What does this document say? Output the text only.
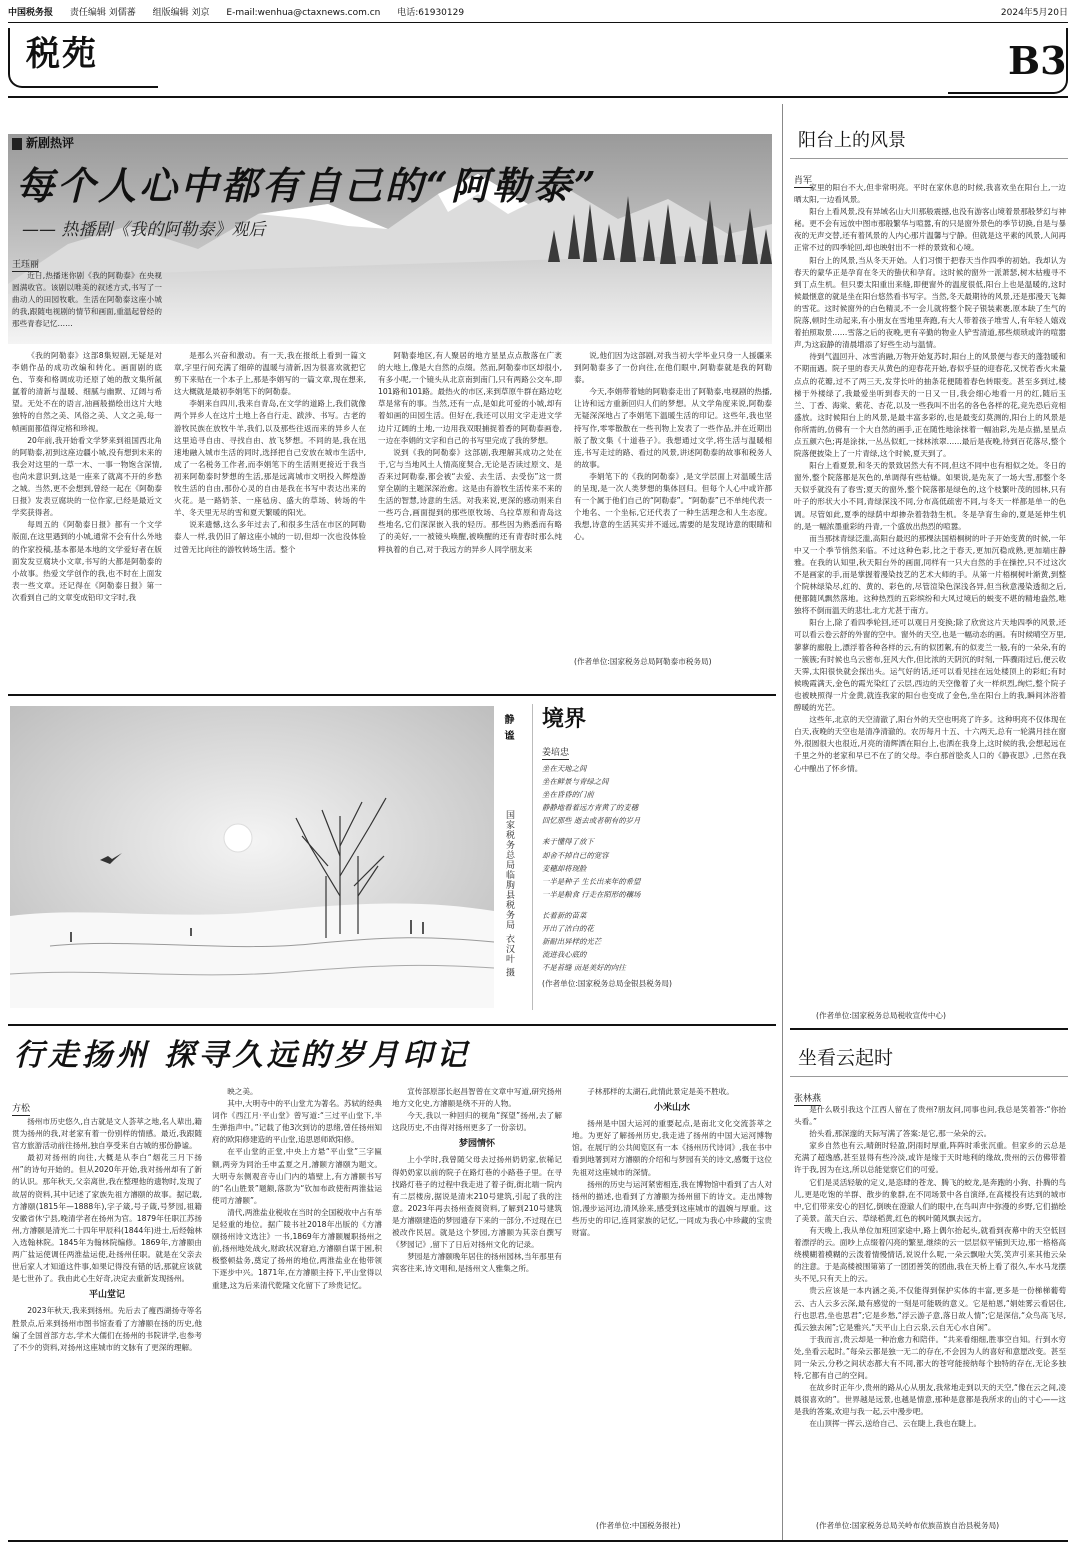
中国税务报 责任编辑 刘儒蕃 组版编辑 刘京 E-mail:wenhua@ctaxnews.com.cn 电话:61930129	2024年5月20日
税苑	B3
新剧热评
每个人心中都有自己的“阿勒泰”
—— 热播剧《我的阿勒泰》观后
王珏丽

近日,热播迷你剧《我的阿勒泰》在央视圆满收官。该剧以唯美的叙述方式,书写了一曲动人的田园牧歌。生活在阿勒泰这座小城的我,跟随电视剧的情节和画面,重温起曾经的那些青春记忆……

《我的阿勒泰》这部8集短剧,无疑是对李娟作品的成功改编和转化。画面剧的底色、节奏和格调成功还原了她的散文集所氤氲着的清新与温暖、细腻与幽默、辽阔与希望。无处不在的语言,油画般描绘出这片大地独特的自然之美、风俗之美、人文之美,每一帧画面都值得定格和珍视。

20年前,我开始看文学梦来到祖国西北角的阿勒泰,初到这座边疆小城,没有想到未来的我会对这里的一草一木、一事一物饱含深情,也尚未意识到,这是一座来了就离不开的乡愁之城。当然,更不会想到,曾经一起在《阿勒泰日报》发表豆腐块的一位作家,已经是最近文学奖获得者。

每周五的《阿勒泰日报》都有一个文学版面,在这里遇到的小城,通常不会有什么外地的作家投稿,基本都是本地的文学爱好者在版面发发豆腐块小文章,书写的大都是阿勒泰的小故事。热爱文学创作的我,也不时在上面发表一些文章。还记得在《阿勒泰日报》第一次看到自己的文章变成铅印文字时,我

是那么兴奋和激动。有一天,我在报纸上看到一篇文章,字里行间充满了细碎的温暖与清新,因为很喜欢就把它剪下来贴在一个本子上,那是李娟写的一篇文章,现在想来,这大概就是最初李娟笔下的阿勒泰。

李娟来自四川,我来自青岛,在文学的道路上,我们就像两个异乡人在这片土地上各自行走、跋涉、书写。古老的游牧民族在放牧牛羊,我们,以及那些往返而来的异乡人在这里追寻自由、寻找自由、放飞梦想。不同的是,我在迅速地融入城市生活的同时,选择把自己安放在城市生活中,成了一名税务工作者,而李娟笔下的生活则更接近于我当初来阿勒泰时梦想的生活,那是远离城市文明投入辉煌游牧生活的自由,那份心灵的自由是我在书写中表达出来的火花。是一路奶茶、一座毡房、盛大的草场、转场的牛羊、冬天里无尽的雪和夏天繁暖的阳光。

说来遗憾,这么多年过去了,和很多生活在市区的阿勒泰人一样,我仍旧了解这座小城的一切,但却一次也没体验过曾无比向往的游牧转场生活。整个

阿勒泰地区,有人聚居的地方星星点点散落在广袤的大地上,像是大自然的点缀。然而,阿勒泰市区却很小,有多小呢,一个镜头从北京南到南门,只有两路公交车,即101路和101路。最热火的市区,来到草原牛群在路边吃草是常有的事。当然,还有一点,是如此可爱的小城,却有着如画的田园生活。但好在,我还可以用文字走进文学边片辽阔的土地,一边用我双眼捕捉着香的阿勒泰画卷,一边在李娟的文字和自己的书写里完成了我的梦想。

说到《我的阿勒泰》这部剧,我理解其成功之处在于,它与当地风土人情高度契合,无论是否读过原文、是否来过阿勒泰,都会被“去爱、去生活、去受伤”这一贯穿全剧的主题深深治愈。这是由有游牧生活传来不来的生活的智慧,诗意的生活。对我来说,更深的感动则来自一些巧合,画面提到的那些原牧场、乌拉草原和青岛这些地名,它们深深嵌入我的轻历。那些因为熟悉而有略了的美好,一一被镜头唤醒,被唤醒的还有青春时那么纯粹执着的自己,对于我远方的异乡人同学朋友来

说,他们因为这部剧,对我当初大学毕业只身一人援疆来到阿勒泰多了一份向往,在他们眼中,阿勒泰就是我的阿勒泰。

今天,李娟带着她的阿勒泰走出了阿勒泰,电视剧的热播,让诗和远方重新回归人们的梦想。从文学角度来说,阿勒泰无疑深深地占了李娟笔下温暖生活的印记。这些年,我也坚持写作,零零散散在一些刊物上发表了一些作品,并在近期出版了散文集《十道巷子》。我想通过文学,将生活与温暖相连,书写走过的路、看过的风景,讲述阿勒泰的故事和税务人的故事。

李娟笔下的《我的阿勒泰》,是文学层面上对温暖生活的呈现,是一次人类梦想的集体回归。但每个人心中或许都有一个属于他们自己的“阿勒泰”。“阿勒泰”已不单纯代表一个地名、一个坐标,它还代表了一种生活理念和人生态度。我想,诗意的生活其实并不遥远,需要的是发现诗意的眼睛和心。

(作者单位:国家税务总局阿勒泰市税务局)
静谧
国家税务总局临朐县税务局 衣汉叶 摄
境界
姜培忠
坐在天地之间
坐在鲜景与青绿之间
坐在昏昏的门前
静静地看着远方青黄了的麦穗
回忆那些 逝去或者朝有的岁月
来于懂得了放下
却舍不掉自已的宽容
麦穗却将现脸
一半是种子 生长出来年的希望
一半是粮食 行走在陌形的穰场
长着新的苗菜
开出了洁白的花
新耐出异样的光芒
流进我心底的
不是苔缝 而是美好的向往
(作者单位:国家税务总局金银县税务局)
行走扬州 探寻久远的岁月印记
方松

扬州市历史悠久,自古就是文人荟萃之地,名人辈出,籍贯为扬州的我,对老家有着一份别样的情感。最近,我跟随官方旅游活动前往扬州,独自享受来自古城的那份静谧。

最初对扬州的向往,大概是从李白“烟花三月下扬州”的诗句开始的。但从2020年开始,我对扬州却有了新的认识。那年秋天,父亲离世,我在整理他的遗物时,发现了故居的资料,其中记述了家族先祖方濬颐的故事。据记载,方濬颐(1815年—1888年),字子箴,号子箴,号梦园,祖籍安徽省休宁县,晚清学者在扬州为官。1879年任职江苏扬州,方濬颐是清光二十四年甲辰科(1844年)进士,后经翰林入选翰林院。1845年为翰林院编修。1869年,方濬颐由两广盐运使调任两淮盐运使,赴扬州任职。就是在父亲去世后家人才知道这件事,如果记得没有错的话,那就应该就是七世孙了。我由此心生好奇,决定去重新发现扬州。

平山堂记

2023年秋天,我来到扬州。先后去了瘦西湖扬寺等名胜景点,后来到扬州市图书馆查看了方濬颐在扬的历史,他编了全国首部方志,学术大儒们在扬州的书院讲学,也参考了不少的资料,对扬州这座城市的文脉有了更深的理解。

映之美。

其中,大明寺中的平山堂尤为著名。苏轼的经典词作《西江月·平山堂》曾写道:“三过平山堂下,半生弹指声中。”记载了他3次到访的思绪,曾任扬州知府的欧阳修建造的平山堂,追思恩师欧阳修。

在平山堂的正堂,中央上方悬“平山堂”三字匾额,两旁为同治壬申孟夏之月,濬颐方濬颐为题文。大明寺东侧观音寺山门内的墙壁上,有方濬颐书写的“名山胜景”题额,落款为“钦加布政使衔两淮盐运使司方濬颐”。

清代,两淮盐业税收在当时的全国税收中占有举足轻重的地位。据广陵书社2018年出版的《方濬颐扬州诗文选注》一书,1869年方濬颐履职扬州之前,扬州地处战火,财政状况窘迫,方濬颐自谋于困,积极整顿盐务,奠定了扬州的地位,两淮盐业在他带领下逐步中兴。1871年,在方濬颐主持下,平山堂得以重建,这为后来清代乾隆文化留下了珍贵记忆。

宣传部原部长赵昌智曾在文章中写道,研究扬州地方文化史,方濬颐是绕不开的人物。

今天,我以一种回归的视角“探望”扬州,去了解这段历史,不由得对扬州更多了一份亲切。

梦园情怀

上小学时,我曾随父母去过扬州奶奶家,依稀记得奶奶家以前的院子在路灯巷的小路巷子里。在寻找路灯巷子的过程中我走进了着子街,街北端一院内有二层楼房,据说是清末210号建筑,引起了我的注意。2023年再去扬州查阅资料,了解到210号建筑是方濬颐建造的梦园遗存下来的一部分,不过现在已被改作民居。就是这个梦园,方濬颐为其亲自撰写《梦园记》,留下了日后对扬州文化的记录。

梦园是方濬颐晚年居住的扬州园林,当年那里有宾客往来,诗文唱和,是扬州文人雅集之所。

子林那样的太湖石,此情此景定是美不胜收。

小米山水

扬州是中国大运河的重要起点,是南北文化交流荟萃之地。为更好了解扬州历史,我走进了扬州的中国大运河博物馆。在展厅的公共阅览区有一本《扬州历代诗词》,我在书中看到地署到对方濬颐的介绍和与梦园有关的诗文,感慨于这位先祖对这座城市的深情。

扬州的历史与运河紧密相连,我在博物馆中看到了古人对扬州的描述,也看到了方濬颐为扬州留下的诗文。走出博物馆,漫步运河边,清风徐来,感受到这座城市的温婉与厚重。这些历史的印记,连同家族的记忆,一同成为我心中珍藏的宝贵财富。

(作者单位:中国税务报社)
阳台上的风景
肖军

家里的阳台不大,但非常明亮。平时在家休息的时候,我喜欢坐在阳台上,一边晒太阳,一边看风景。

阳台上看风景,没有异域名山大川那般震撼,也没有游客山境着景那般梦幻与神秘。更不会有远放中图市那般繁华与喧嚣,有的只是窗外景色的季节切换,自是与暴夜的无声交替,还有着风景的人内心那片温馨与宁静。但就是这平素的风景,人间再正常不过的四季轮回,却也映射出不一样的景致和心境。

阳台上的风景,当从冬天开始。人们习惯于把春天当作四季的初始。我却认为春天的蒙华正是孕育在冬天的蛰伏和孕育。这时候的窗外一派萧瑟,树木枯瘦寻不到丁点生机。但只要太阳重出来缝,即便窗外的温度很低,阳台上也是温暖的,这时候最惬意的就是坐在阳台悠然看书写字。当然,冬天最期待的风景,还是那漫天飞舞的雪花。这时候窗外的白色精灵,不一会儿就将整个院子银装素裹,原本缺了生气的院落,顿时生动起来,有小朋友在雪地里奔跑,有大人带着孩子堆雪人,有年轻人嬉戏着拍照取景……雪落之后的夜晚,更有辛勤的物业人铲雪清道,那些烦琐或许的喧嚣声,为这寂静的清晨增添了好些生动与温情。

待到气温回升、冰雪消融,万物开始复苏时,阳台上的风景便与春天的蓬勃暖和不期而遇。院子里的春天从黄色的迎春花开始,春似乎昼的迎春花,又恍若香火未量点点的花瓣,过不了两三天,发芽长叶的抽条花便随着春色转眼变。甚至多到过,楼梯于外楼绿了,我最爱坐听到春天的一日又一目,我会细心地看一月的红,随后玉兰、丁香、海棠、紫花、杏花,以及一些我叫不出名的各色各样的花,竞先恐后竞相盛放。这时候阳台上的风景,是最丰富多彩的,也是最变幻莫测的,阳台上的风景是你所需的,仿佛有一个大自然的画手,正在随性地涂抹着一幅油彩,先是点描,星星点点五颜六色;再是涂抹,一丛丛似虹,一抹林浓翠……最后是夜晚,待到百花落尽,整个院落便披染上了一片青绿,这个时候,夏天到了。

阳台上看夏景,和冬天的景致居然大有不同,但这不同中也有相似之处。冬日的窗外,整个院落都是灰色的,单调得有些枯燥。如果说,是先灰了一场大雪,那整个冬天似乎就没有了春雪;夏天的窗外,整个院落都是绿色的,这个枝繁叶茂的园林,只有叶子的形状大小不同,青绿深浅不同,分布高低疏密不同,与冬天一样都是单一的色调。尽管如此,夏季的绿荫中却掺杂着勃勃生机。冬是孕育生命的,夏是延伸生机的,是一幅浓墨重彩的丹青,一个盛放出热烈的喧嚣。

而当那抹青绿泛滥,高阳台最迟的那棵法国梧桐树的叶子开始变黄的时候,一年中又一个季节悄然来临。不过这种色彩,比之于春天,更加沉稳成熟,更加端庄静雅。在我的认知里,秋天阳台外的画面,同样有一只大自然的手在操控,只不过这次不是画家的手,而是掌握着漫染技艺的艺术大师的手。从第一片梧桐树叶渐黄,到整个院林绿染尽,红的、黄的、彩色的,尽管渲染色深浅各异,但当秋意漫染透彻之后,便都随风飘然落地。这种热烈的五彩缤纷和大风过境后的蜕变不堪的精地盎然,唯独将不倒而温天的悲壮,北方尤甚于南方。

阳台上,除了看四季轮回,还可以观日月变换;除了欣赏这片天地四季的风景,还可以看云卷云舒的外窗的空中。窗外的天空,也是一幅动态的画。有时候晴空万里,蓼蓼的廊般上,漂浮着各种各样的云,有的似团絮,有的似麦兰一般,有的一朵朵,有的一簇簇;有时候也乌云密布,狂风大作,但比浓的天阴沉的时刻,一阵骤雨过后,便云收天霁,太阳很快就会探出头。运气好的话,还可以看见挂在远处楼顶上的彩虹;有时候晚霞满天,金色的霞光染红了云层,西边的天空像着了火一样炽烈,绚烂,整个院子也被映照得一片金黄,就连我家的阳台也变成了金色,坐在阳台上的我,瞬间沐浴着醇暖的光芒。

这些年,北京的天空清澈了,阳台外的天空也明亮了许多。这种明亮不仅体现在白天,夜晚的天空也是清净清澈的。农历每月十五、十六两天,总有一轮满月挂在窗外,很圆很大也很近,月亮的清辉洒在阳台上,也洒在我身上,这时候的我,会想起远在千里之外的老家和早已不在了的父母。李白那首脍炙人口的《静夜思》,已然在我心中酿出了怀乡情。

(作者单位:国家税务总局税收宣传中心)
坐看云起时
张林燕

是什么吸引我这个江西人留在了贵州?朋友问,同事也问,我总是笑着答:“你抬头看。”

抬头看,那深邃的天际写满了答案:是它,那一朵朵的云。

家乡自然也有云,晴朗时轻盈,阴雨时厚重,阵阵时乖张沉重。但家乡的云总是充满了超逸感,甚至显得有些冷淡,或许是缘于天时地利的缘故,贵州的云仿佛带着许于我,因为在这,所以总能觉察它们的可爱。

它们是灵活轻敏的定义,是恣肆的苍龙、腾飞的蛟龙,是奔跑的小狗、扑腾的鸟儿,更是吃饱的羊群、散步的象群,在不同场景中各自演绎,在高楼投有达到的城市中,它们带来安心的回忆,倒映在澄澈人们的眼中,在鸟叫声中弥漫的乡野,它们描绘了美景。蓝天白云、草绿稻黄,红色的枫叶随风飘去远方。

有天晚上,我从单位加班回家途中,路上偶尔抬起头,就看到夜幕中的天空低回着漂浮的云。面吵上点缀着闪亮的繁星,继续的云一层层似平铺到天边,那一格格高绕模糊着模糊的云泼着情慢情话,说说什么呢,一朵云飘啦大笑,笑声引来其他云朵的注意。于是高楼被围第第了一团团善笑的团曲,我在天桥上看了很久,车水马龙摆头不见,只有天上的云。

贵云应该是一本内涵之美,不仅能得到保护实体的丰富,更多是一份梯梯葡萄云、古人云多云深,最有感觉的一刻是可能吸的意义。它是柏恩,“娟娃雾云看居住,行也思君,坐也思君”;它是乡愁,“浮云游子意,落日故人情”;它是深信,“众鸟高飞尽,孤云独去闲”;它是雅兴,“天平山上白云泉,云自无心水自闲”。

于我而言,贵云却是一种治愈力和陪伴。“共来看细细,胜事空自知。行到水穷处,坐看云起时。”每朵云都是独一无二的存在,不会因为人的喜好和意愿改变。甚至同一朵云,分秒之间状态都大有不同,都大的苍穹能接纳每个独特的存在,无论多独特,它都有自己的空间。

在故乡时正年少,贵州的路从心从朋友,我常地走到以天的天空,“像在云之间,凌晨很喜欢的”。世界越是远景,也越是情意,那种是意都是我所求的山的寸心——这是我的答案,欢迎与我一起,云中漫步吧。

在山顶挥一挥云,送给自己、云在睫上,我也在睫上。

(作者单位:国家税务总局关岭布依族苗族自治县税务局)
